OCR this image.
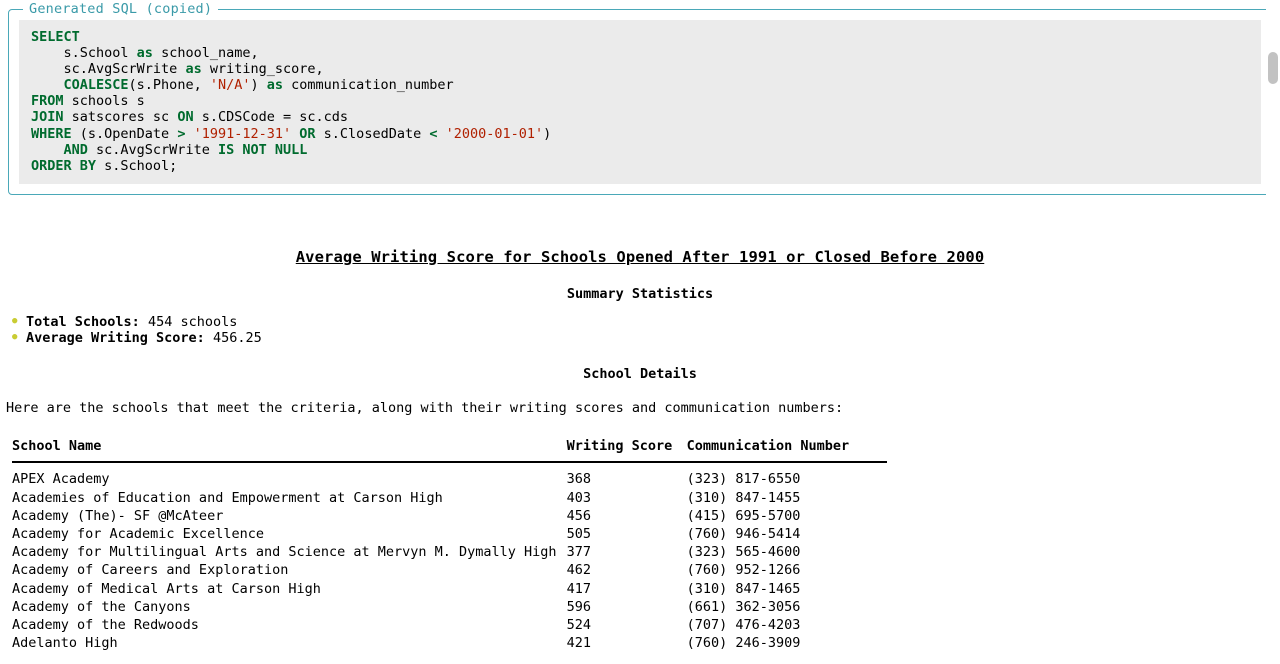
Generated SQL (copied)
SELECT
s.School as school_name,
sc.AvgScrWrite as writing_score,
COALESCE(s.Phone, 'N/A') as communication_number
FROM schools s
JOIN satscores sc ON s.CDSCode = sc.cds
WHERE (s.OpenDate > '1991-12-31' OR s.ClosedDate < '2000-01-01')
AND sc.AvgScrWrite IS NOT NULL
ORDER BY s.School;
Average Writing Score for Schools Opened After 1991 or Closed Before 2000
Summary Statistics
● Total Schools: 454 schools
● Average Writing Score: 456.25
School Details

Here are the schools that meet the criteria, along with their writing scores and communication numbers:

School Name	Writing Score	Communication Number
APEX Academy	368	(323) 817-6550
Academies of Education and Empowerment at Carson High	403	(310) 847-1455
Academy (The)- SF @McAteer	456	(415) 695-5700
Academy for Academic Excellence	505	(760) 946-5414
Academy for Multilingual Arts and Science at Mervyn M. Dymally High	377	(323) 565-4600
Academy of Careers and Exploration	462	(760) 952-1266
Academy of Medical Arts at Carson High	417	(310) 847-1465
Academy of the Canyons	596	(661) 362-3056
Academy of the Redwoods	524	(707) 476-4203
Adelanto High	421	(760) 246-3909
